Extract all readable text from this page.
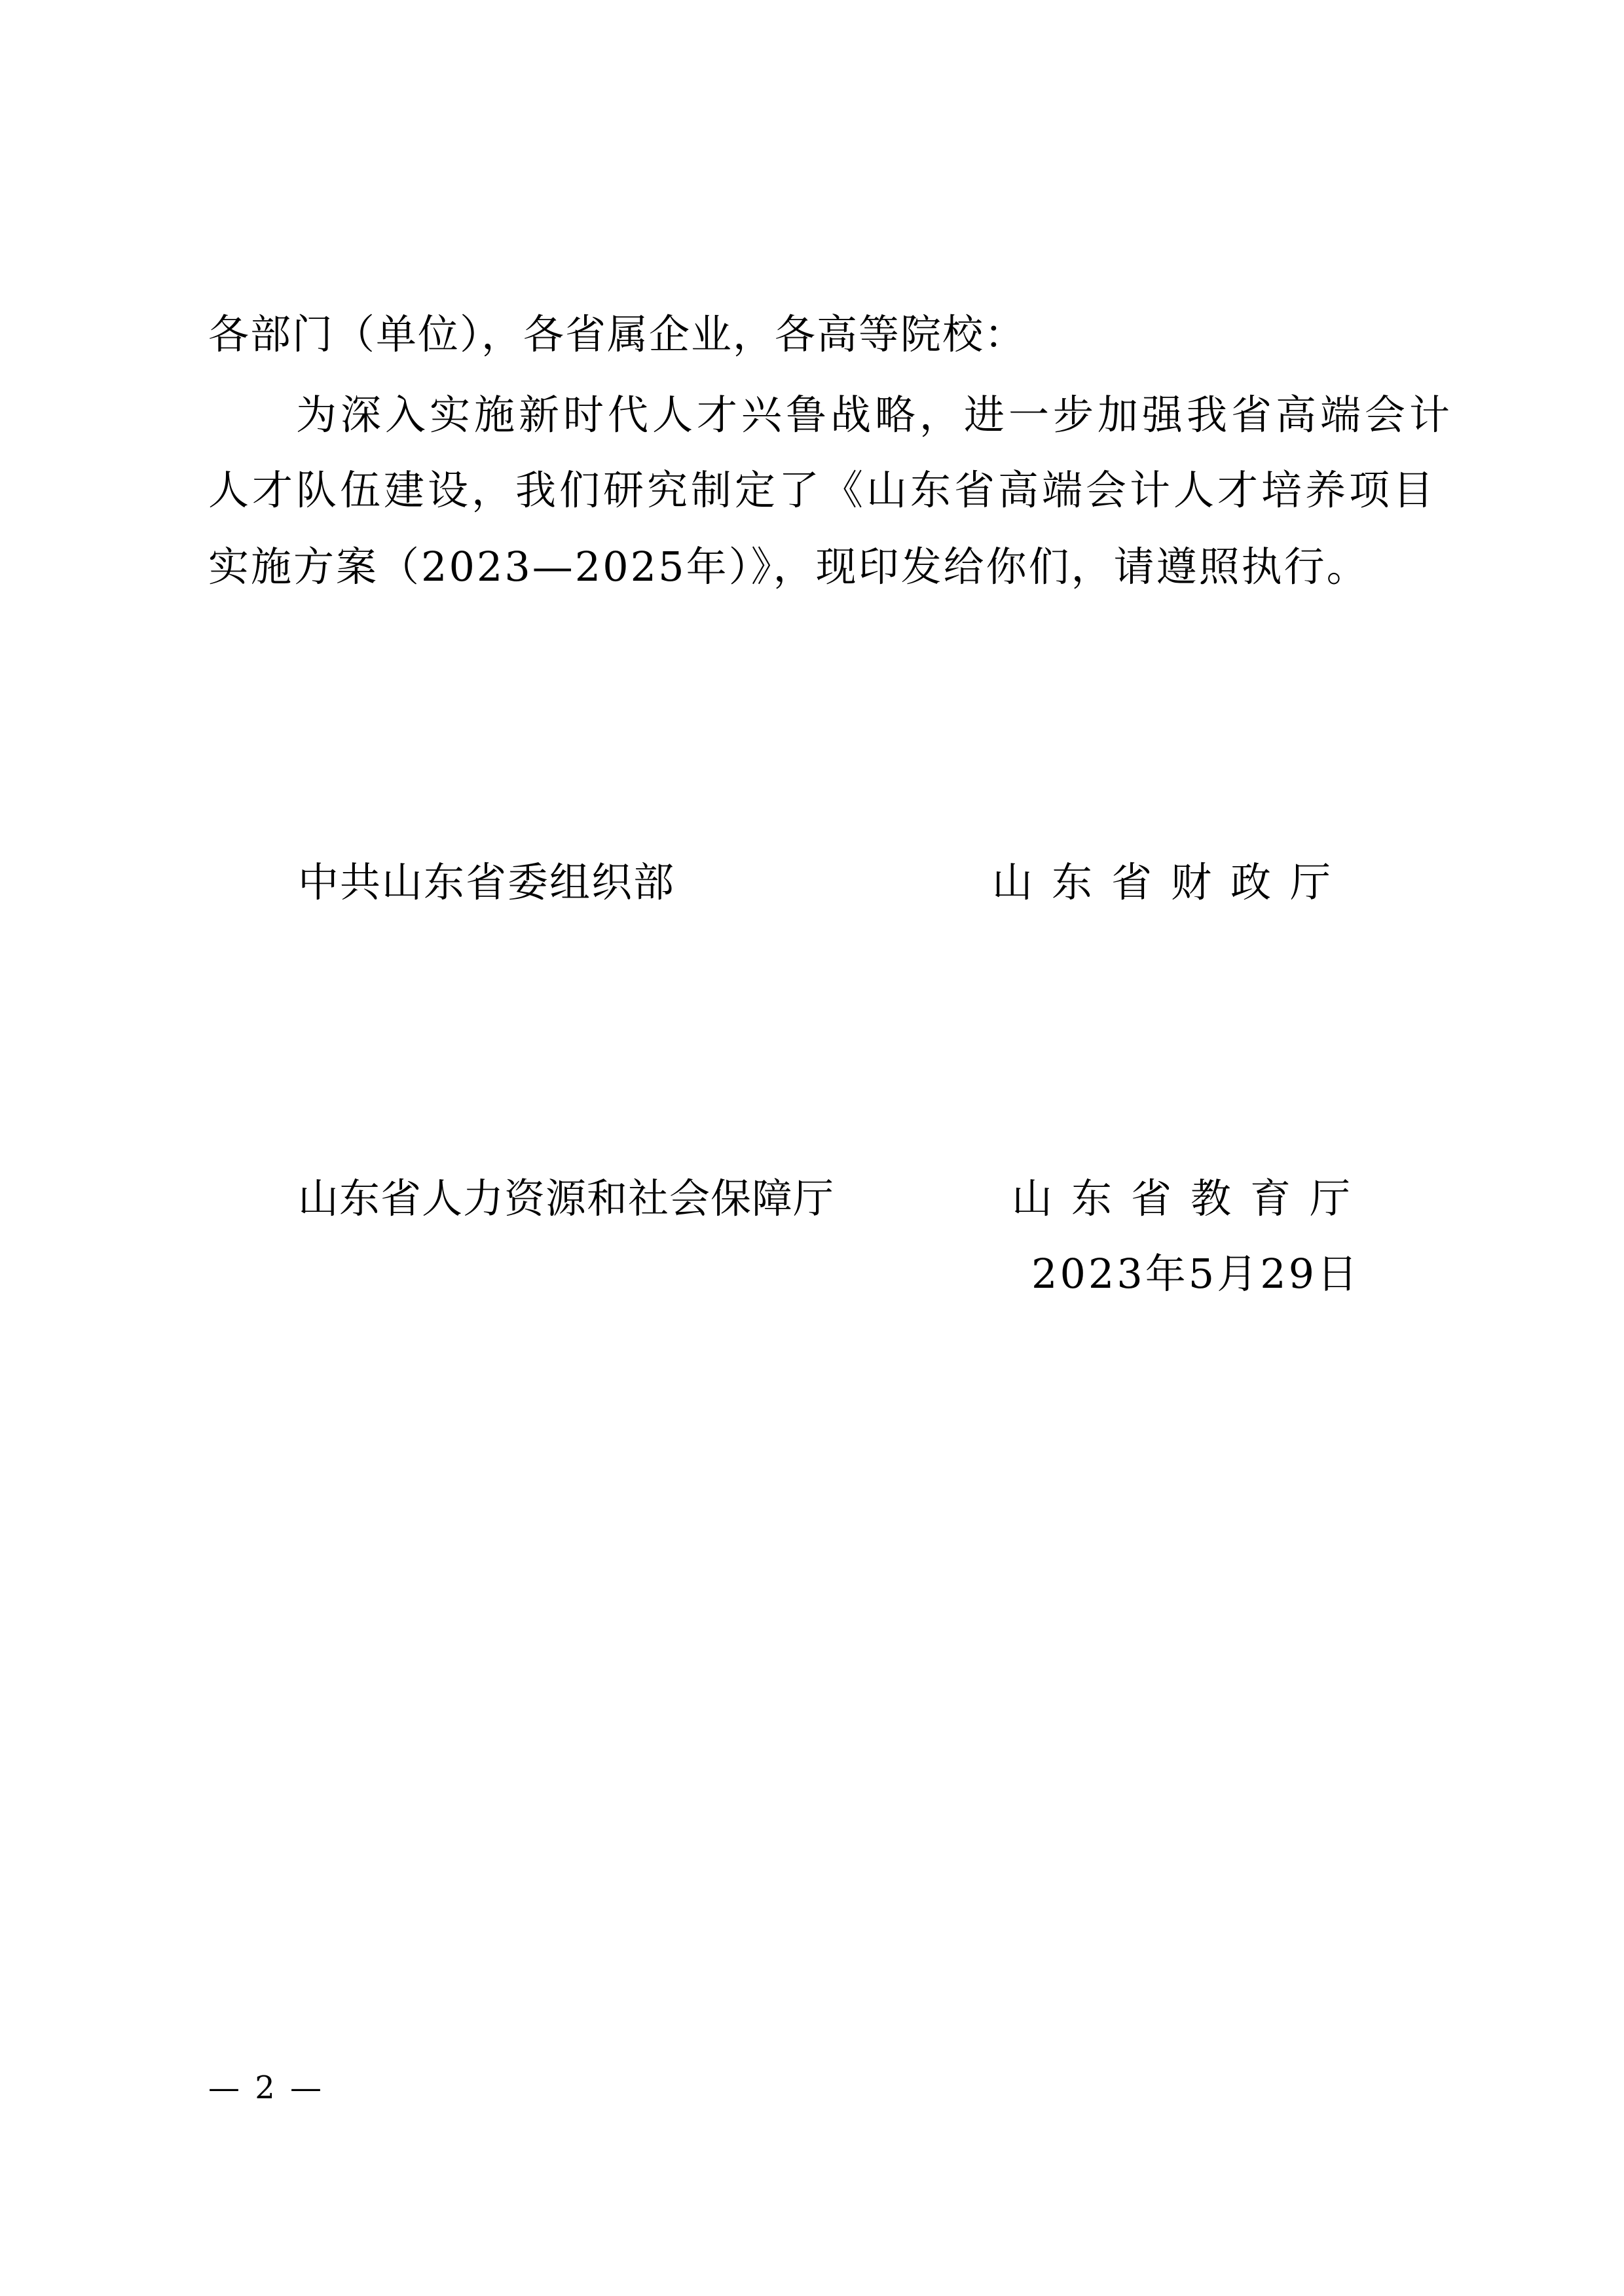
各部门（单位），各省属企业，各高等院校：
为深入实施新时代人才兴鲁战略，进一步加强我省高端会计
人才队伍建设，我们研究制定了《山东省高端会计人才培养项目
实施方案（2023—2025年）》，现印发给你们，请遵照执行。
中共山东省委组织部	山东省财政厅
山东省人力资源和社会保障厅	山东省教育厅
2023年5月29日
— 2 —
